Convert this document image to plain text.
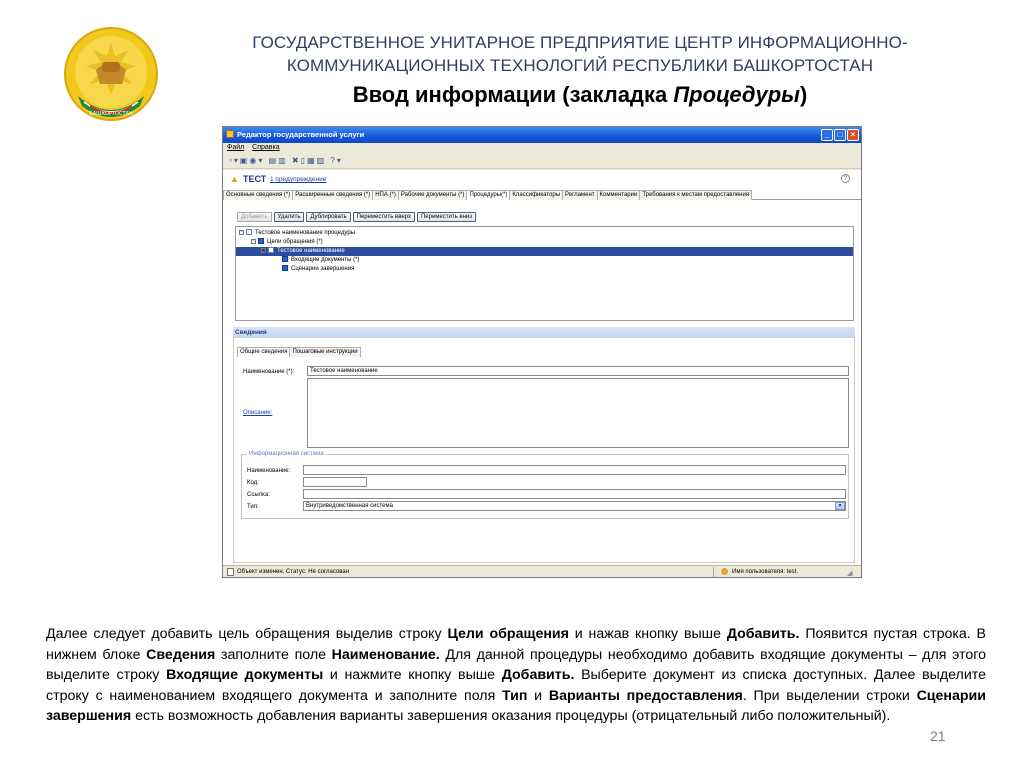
БАШКОРТОСТАН
ГОСУДАРСТВЕННОЕ УНИТАРНОЕ ПРЕДПРИЯТИЕ ЦЕНТР ИНФОРМАЦИОННО-
КОММУНИКАЦИОННЫХ ТЕХНОЛОГИЙ РЕСПУБЛИКИ БАШКОРТОСТАН
Ввод информации (закладка Процедуры)
Редактор государственной услуги	_	□	×
Файл Справка
▫▾▣◉▾ ▤▥ ✖▯▦▨ ?▾
▲ ТЕСТ 1 предупреждение	?
Основные сведения (*) Расширенные сведения (*) НПА (*) Рабочие документы (*) Процедуры(*) Классификаторы Регламент Комментарии Требования к местам предоставления
Добавить Удалить Дублировать Переместить вверх Переместить вниз
- Тестовое наименование процедуры
- Цели обращения (*)
- Тестовое наименование
Входящие документы (*)
Сценарии завершения
Сведения
Общие сведения Пошаговые инструкции
Наименование (*):	Тестовое наименование
Описание:
Информационная система
Наименование:
Код:
Ссылка:
Тип:	Внутриведомственная система	▾
Объект изменен. Статус: Не согласован	Имя пользователя: test.	◢
Далее следует добавить цель обращения выделив строку Цели обращения и нажав кнопку выше Добавить. Появится пустая строка. В нижнем блоке Сведения заполните поле Наименование. Для данной процедуры необходимо добавить входящие документы – для этого выделите строку Входящие документы и нажмите кнопку выше Добавить. Выберите документ из списка доступных. Далее выделите строку с наименованием входящего документа и заполните поля Тип и Варианты предоставления. При выделении строки Сценарии завершения есть возможность добавления варианты завершения оказания процедуры (отрицательный либо положительный).
21
